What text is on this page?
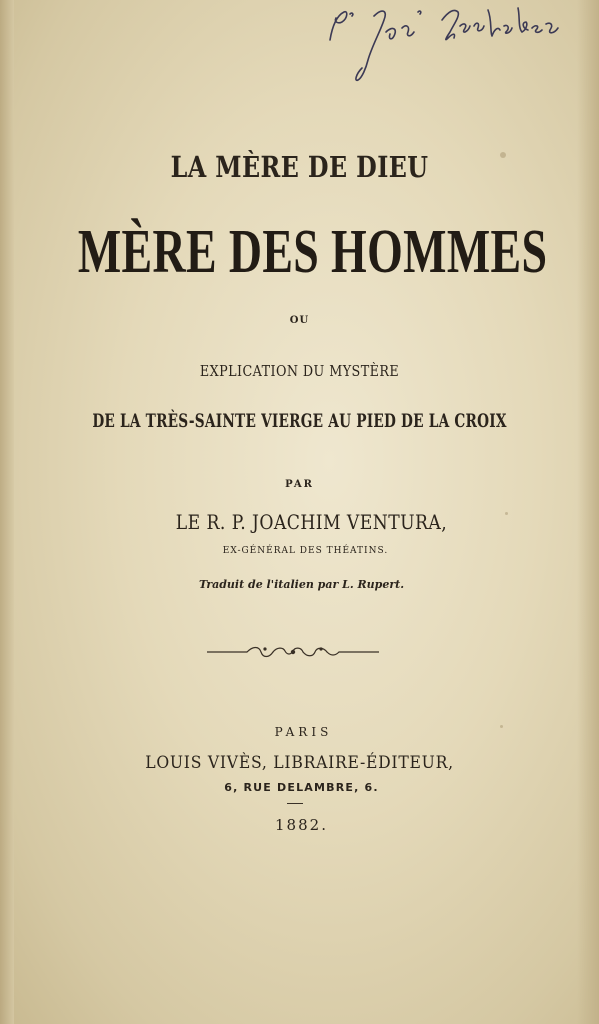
LA MÈRE DE DIEU
MÈRE DES HOMMES
OU
EXPLICATION DU MYSTÈRE
DE LA TRÈS-SAINTE VIERGE AU PIED DE LA CROIX
PAR
LE R. P. JOACHIM VENTURA,
EX-GÉNÉRAL DES THÉATINS.
Traduit de l'italien par L. Rupert.
PARIS
LOUIS VIVÈS, LIBRAIRE-ÉDITEUR,
6, RUE DELAMBRE, 6.
1882.
